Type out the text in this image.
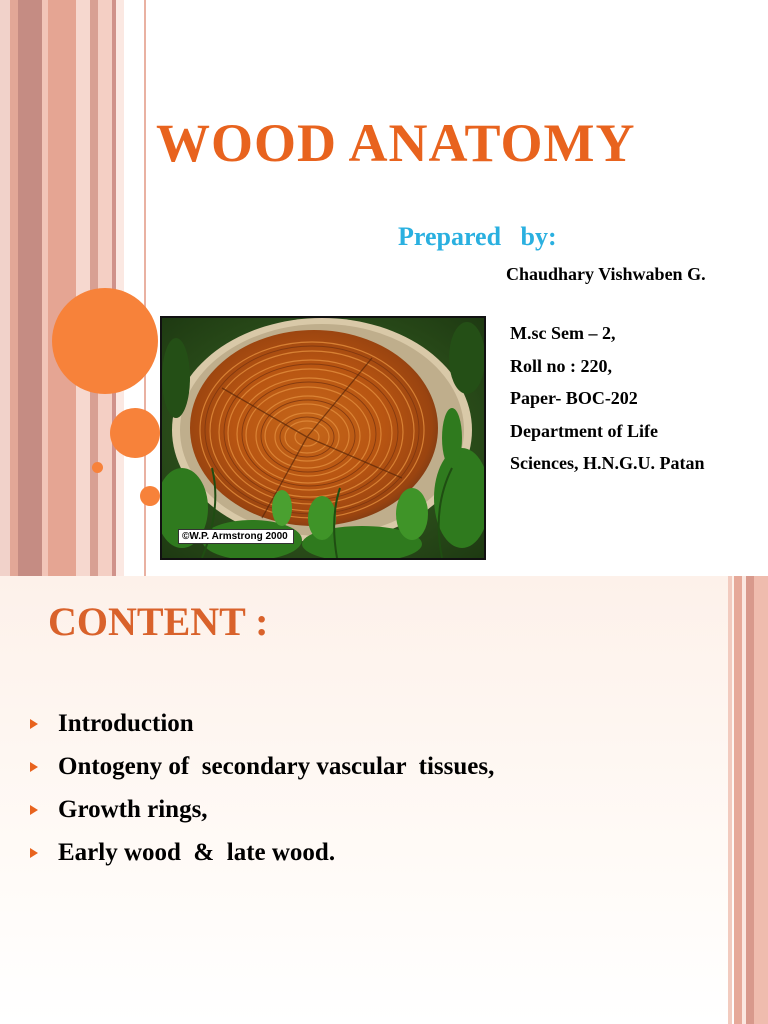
WOOD ANATOMY
Prepared   by:
Chaudhary Vishwaben G.
M.sc Sem – 2,
Roll no : 220,
Paper- BOC-202
Department of Life
Sciences, H.N.G.U. Patan
©W.P. Armstrong 2000
CONTENT :
Introduction
Ontogeny of  secondary vascular  tissues,
Growth rings,
Early wood  &  late wood.
